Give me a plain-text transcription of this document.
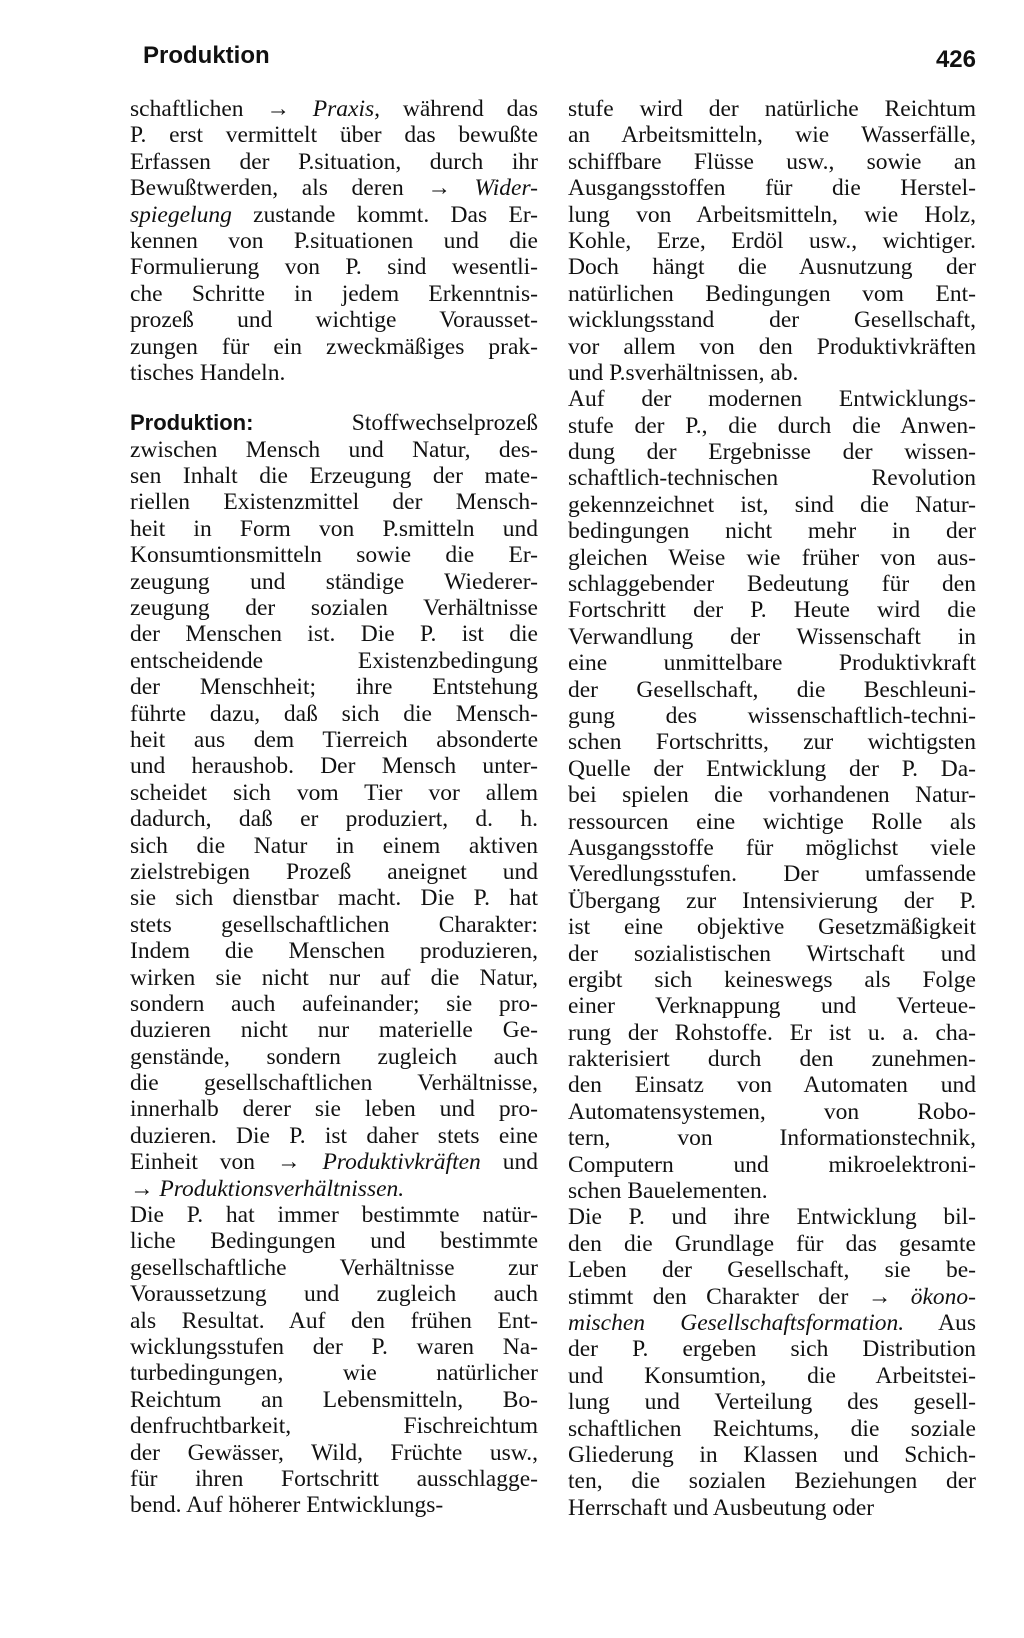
Produktion	426
schaftlichen → Praxis, während das
P. erst vermittelt über das bewußte
Erfassen der P.situation, durch ihr
Bewußtwerden, als deren → Wider-
spiegelung zustande kommt. Das Er-
kennen von P.situationen und die
Formulierung von P. sind wesentli-
che Schritte in jedem Erkenntnis-
prozeß und wichtige Vorausset-
zungen für ein zweckmäßiges prak-
tisches Handeln.
Produktion:	Stoffwechselprozeß
zwischen Mensch und Natur, des-
sen Inhalt die Erzeugung der mate-
riellen Existenzmittel der Mensch-
heit in Form von P.smitteln und
Konsumtionsmitteln sowie die Er-
zeugung und ständige Wiederer-
zeugung der sozialen Verhältnisse
der Menschen ist. Die P. ist die
entscheidende Existenzbedingung
der Menschheit; ihre Entstehung
führte dazu, daß sich die Mensch-
heit aus dem Tierreich absonderte
und heraushob. Der Mensch unter-
scheidet sich vom Tier vor allem
dadurch, daß er produziert, d. h.
sich die Natur in einem aktiven
zielstrebigen Prozeß aneignet und
sie sich dienstbar macht. Die P. hat
stets gesellschaftlichen Charakter:
Indem die Menschen produzieren,
wirken sie nicht nur auf die Natur,
sondern auch aufeinander; sie pro-
duzieren nicht nur materielle Ge-
genstände, sondern zugleich auch
die gesellschaftlichen Verhältnisse,
innerhalb derer sie leben und pro-
duzieren. Die P. ist daher stets eine
Einheit von → Produktivkräften und
→ Produktionsverhältnissen.
Die P. hat immer bestimmte natür-
liche Bedingungen und bestimmte
gesellschaftliche Verhältnisse zur
Voraussetzung und zugleich auch
als Resultat. Auf den frühen Ent-
wicklungsstufen der P. waren Na-
turbedingungen, wie natürlicher
Reichtum an Lebensmitteln, Bo-
denfruchtbarkeit, Fischreichtum
der Gewässer, Wild, Früchte usw.,
für ihren Fortschritt ausschlagge-
bend. Auf höherer Entwicklungs-
stufe wird der natürliche Reichtum
an Arbeitsmitteln, wie Wasserfälle,
schiffbare Flüsse usw., sowie an
Ausgangsstoffen für die Herstel-
lung von Arbeitsmitteln, wie Holz,
Kohle, Erze, Erdöl usw., wichtiger.
Doch hängt die Ausnutzung der
natürlichen Bedingungen vom Ent-
wicklungsstand der Gesellschaft,
vor allem von den Produktivkräften
und P.sverhältnissen, ab.
Auf der modernen Entwicklungs-
stufe der P., die durch die Anwen-
dung der Ergebnisse der wissen-
schaftlich-technischen Revolution
gekennzeichnet ist, sind die Natur-
bedingungen nicht mehr in der
gleichen Weise wie früher von aus-
schlaggebender Bedeutung für den
Fortschritt der P. Heute wird die
Verwandlung der Wissenschaft in
eine unmittelbare Produktivkraft
der Gesellschaft, die Beschleuni-
gung des wissenschaftlich-techni-
schen Fortschritts, zur wichtigsten
Quelle der Entwicklung der P. Da-
bei spielen die vorhandenen Natur-
ressourcen eine wichtige Rolle als
Ausgangsstoffe für möglichst viele
Veredlungsstufen. Der umfassende
Übergang zur Intensivierung der P.
ist eine objektive Gesetzmäßigkeit
der sozialistischen Wirtschaft und
ergibt sich keineswegs als Folge
einer Verknappung und Verteue-
rung der Rohstoffe. Er ist u. a. cha-
rakterisiert durch den zunehmen-
den Einsatz von Automaten und
Automatensystemen, von Robo-
tern, von Informationstechnik,
Computern und mikroelektroni-
schen Bauelementen.
Die P. und ihre Entwicklung bil-
den die Grundlage für das gesamte
Leben der Gesellschaft, sie be-
stimmt den Charakter der → ökono-
mischen Gesellschaftsformation. Aus
der P. ergeben sich Distribution
und Konsumtion, die Arbeitstei-
lung und Verteilung des gesell-
schaftlichen Reichtums, die soziale
Gliederung in Klassen und Schich-
ten, die sozialen Beziehungen der
Herrschaft und Ausbeutung oder
